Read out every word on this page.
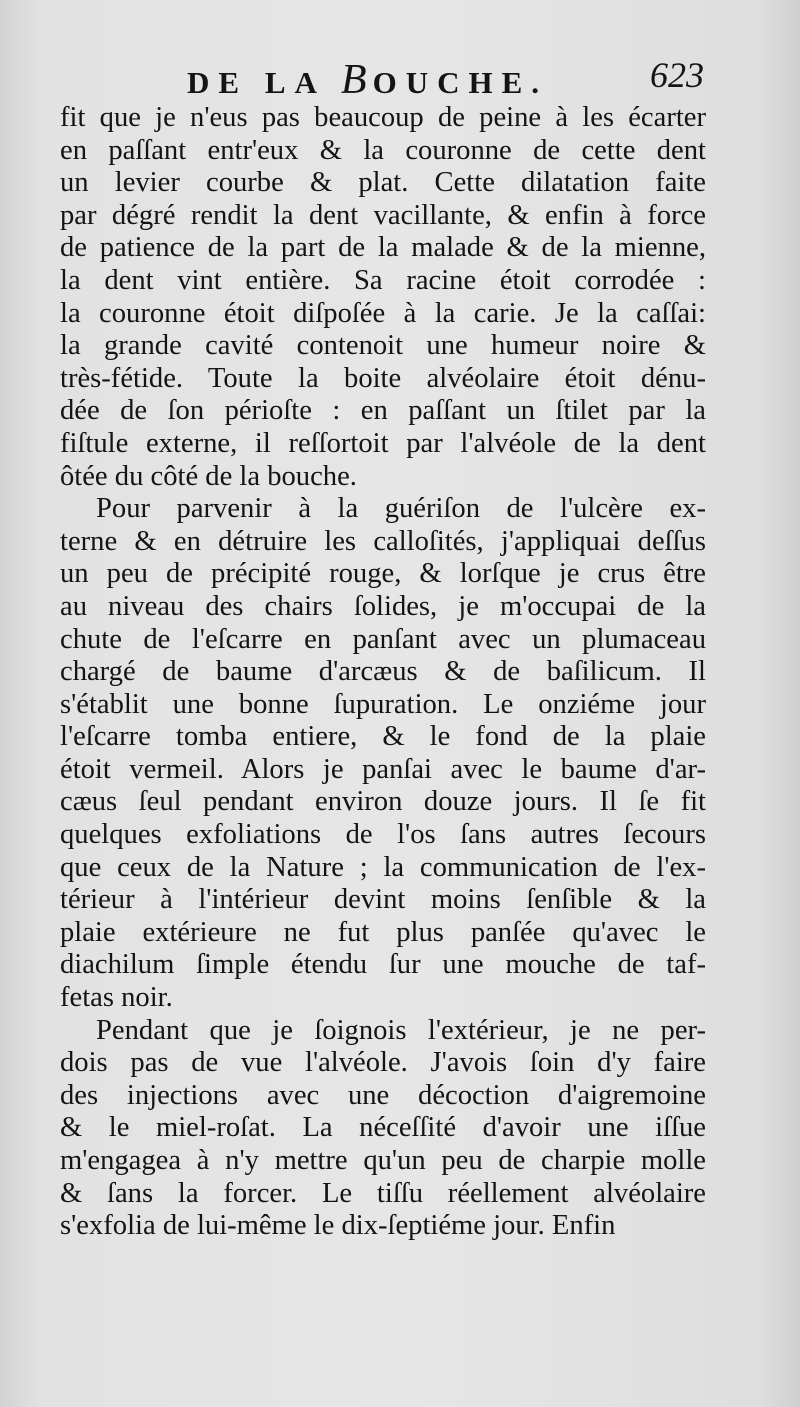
DE LA BOUCHE.	623
fit que je n'eus pas beaucoup de peine à les écarter
en paſſant entr'eux & la couronne de cette dent
un levier courbe & plat. Cette dilatation faite
par dégré rendit la dent vacillante, & enfin à force
de patience de la part de la malade & de la mienne,
la dent vint entière. Sa racine étoit corrodée :
la couronne étoit diſpoſée à la carie. Je la caſſai:
la grande cavité contenoit une humeur noire &
très-fétide. Toute la boite alvéolaire étoit dénu-
dée de ſon périoſte : en paſſant un ſtilet par la
fiſtule externe, il reſſortoit par l'alvéole de la dent
ôtée du côté de la bouche.
Pour parvenir à la guériſon de l'ulcère ex-
terne & en détruire les calloſités, j'appliquai deſſus
un peu de précipité rouge, & lorſque je crus être
au niveau des chairs ſolides, je m'occupai de la
chute de l'eſcarre en panſant avec un plumaceau
chargé de baume d'arcæus & de baſilicum. Il
s'établit une bonne ſupuration. Le onziéme jour
l'eſcarre tomba entiere, & le fond de la plaie
étoit vermeil. Alors je panſai avec le baume d'ar-
cæus ſeul pendant environ douze jours. Il ſe fit
quelques exfoliations de l'os ſans autres ſecours
que ceux de la Nature ; la communication de l'ex-
térieur à l'intérieur devint moins ſenſible & la
plaie extérieure ne fut plus panſée qu'avec le
diachilum ſimple étendu ſur une mouche de taf-
fetas noir.
Pendant que je ſoignois l'extérieur, je ne per-
dois pas de vue l'alvéole. J'avois ſoin d'y faire
des injections avec une décoction d'aigremoine
& le miel-roſat. La néceſſité d'avoir une iſſue
m'engagea à n'y mettre qu'un peu de charpie molle
& ſans la forcer. Le tiſſu réellement alvéolaire
s'exfolia de lui-même le dix-ſeptiéme jour. Enfin
